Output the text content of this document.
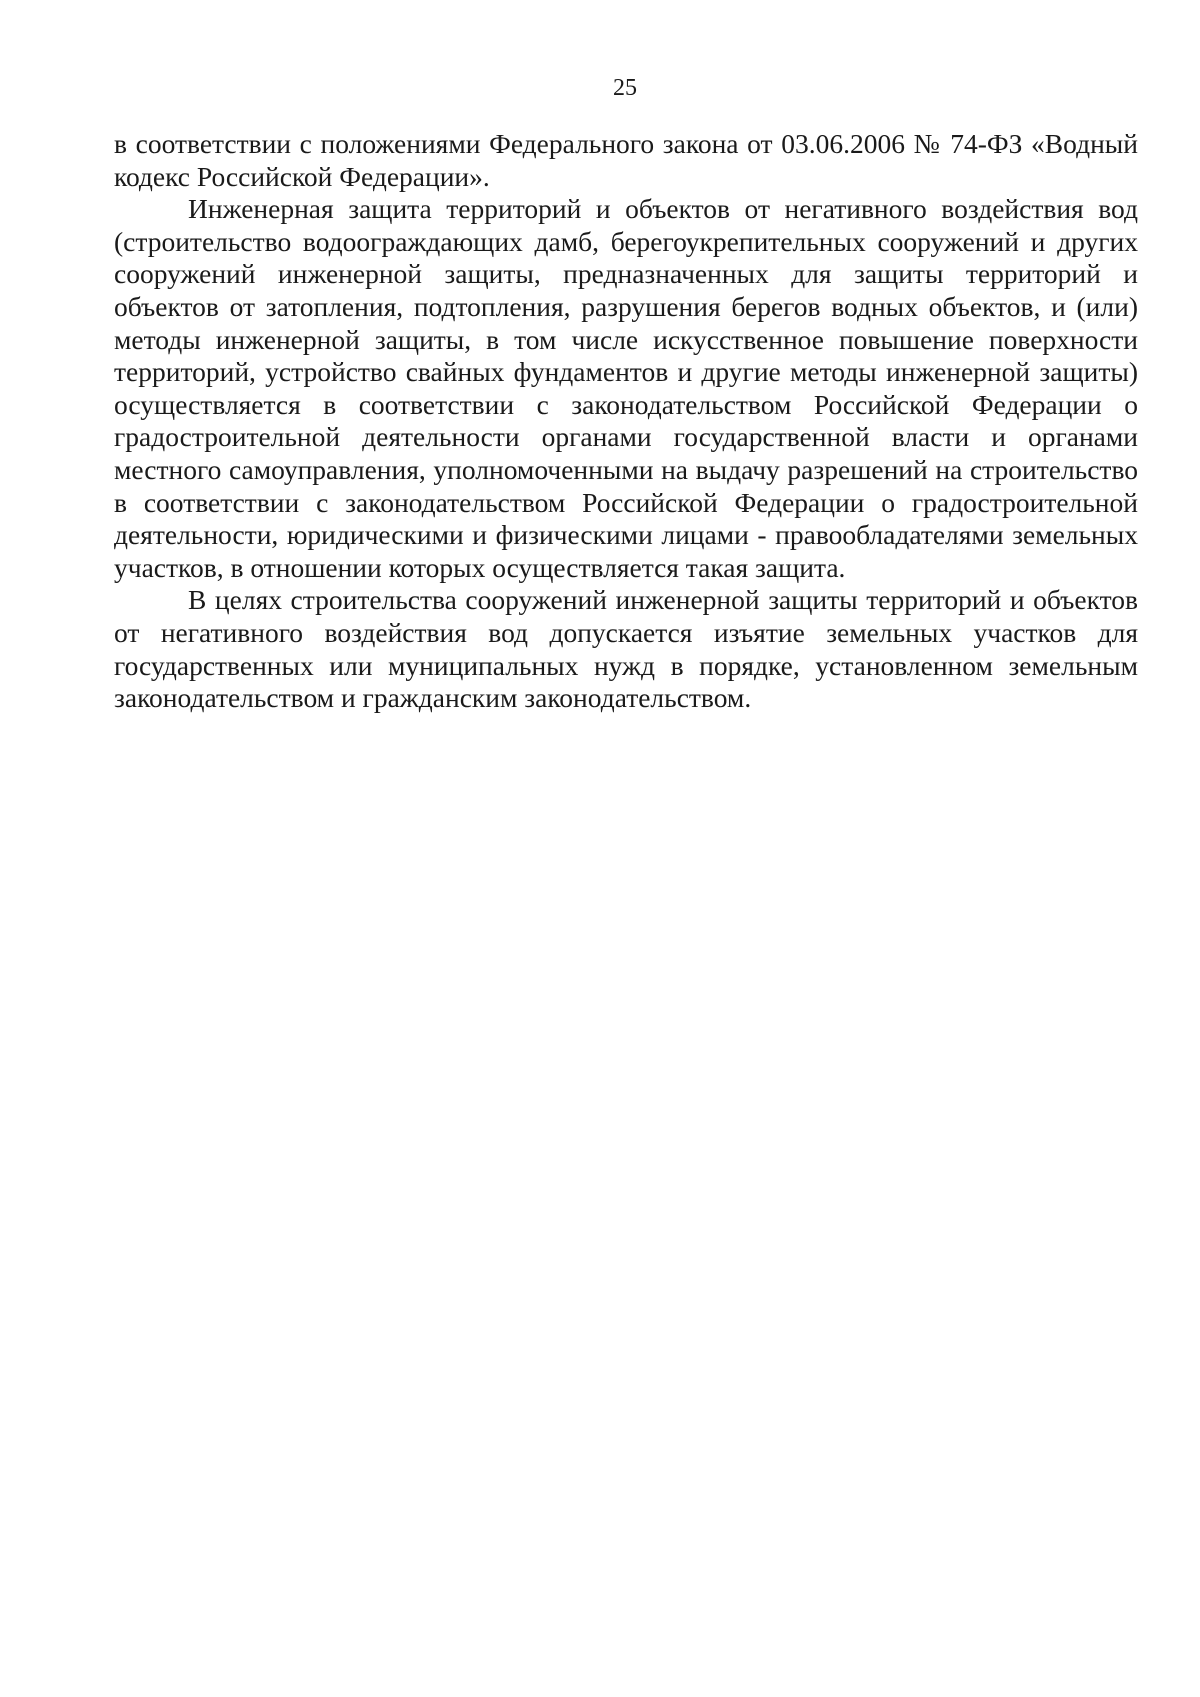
25

в соответствии с положениями Федерального закона от 03.06.2006 № 74-ФЗ «Водный кодекс Российской Федерации».

Инженерная защита территорий и объектов от негативного воздействия вод (строительство водоограждающих дамб, берегоукрепительных сооружений и других сооружений инженерной защиты, предназначенных для защиты территорий и объектов от затопления, подтопления, разрушения берегов водных объектов, и (или) методы инженерной защиты, в том числе искусственное повышение поверхности территорий, устройство свайных фундаментов и другие методы инженерной защиты) осуществляется в соответствии с законодательством Российской Федерации о градостроительной деятельности органами государственной власти и органами местного самоуправления, уполномоченными на выдачу разрешений на строительство в соответствии с законодательством Российской Федерации о градостроительной деятельности, юридическими и физическими лицами - правообладателями земельных участков, в отношении которых осуществляется такая защита.

В целях строительства сооружений инженерной защиты территорий и объектов от негативного воздействия вод допускается изъятие земельных участков для государственных или муниципальных нужд в порядке, установленном земельным законодательством и гражданским законодательством.
